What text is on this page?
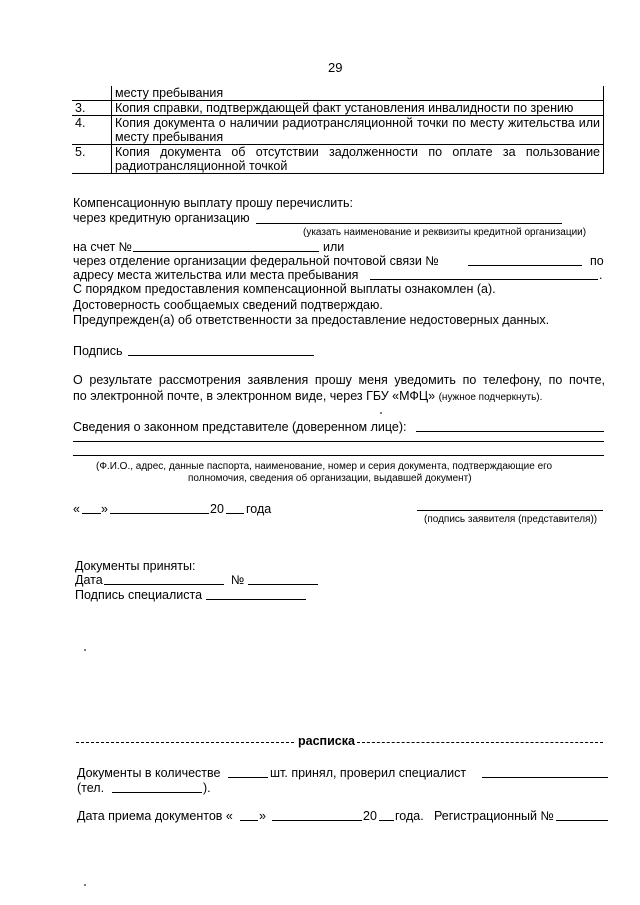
29
	месту пребывания
3.	Копия справки, подтверждающей факт установления инвалидности по зрению
4.	Копия документа о наличии радиотрансляционной точки по месту жительства или месту пребывания
5.	Копия документа об отсутствии задолженности по оплате за пользование радиотрансляционной точкой
Компенсационную выплату прошу перечислить:
через кредитную организацию
(указать наименование и реквизиты кредитной организации)
на счет №	или
через отделение организации федеральной почтовой связи №	по
адресу места жительства или места пребывания	.
С порядком предоставления компенсационной выплаты ознакомлен (а).
Достоверность сообщаемых сведений подтверждаю.
Предупрежден(а) об ответственности за предоставление недостоверных данных.
Подпись
О результате рассмотрения заявления прошу меня уведомить по телефону, по почте,
по электронной почте, в электронном виде, через ГБУ «МФЦ» (нужное подчеркнуть).
Сведения о законном представителе (доверенном лице):
(Ф.И.О., адрес, данные паспорта, наименование, номер и серия документа, подтверждающие его
полномочия, сведения об организации, выдавшей документ)
« »	20 года
(подпись заявителя (представителя))
Документы приняты:
Дата	№
Подпись специалиста
расписка
Документы в количестве	шт. принял, проверил специалист
(тел.	).
Дата приема документов « »	20 года. Регистрационный №
